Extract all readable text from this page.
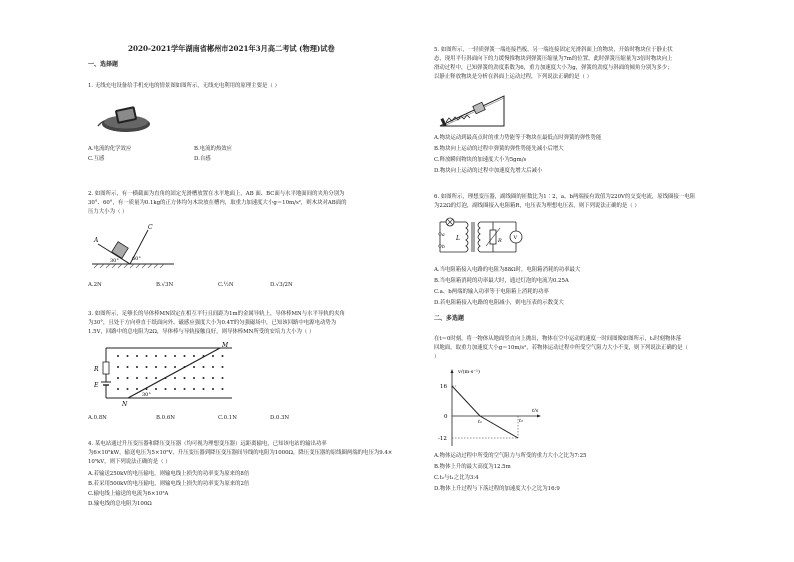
2020-2021学年湖南省郴州市2021年3月高二考试 (物理)试卷
一、选择题
1. 无线充电设备给手机充电的情景图如图所示，无线充电利用的原理主要是（ ）
A.电流的化学效应	B.电流的热效应
C.互感	D.自感
2. 如图所示，有一横截面为直角的固定光滑槽放置在水平地面上，AB 面、BC面与水平地面间的夹角分别为
30°、60°，有一质量为0.1kg的正方体均匀木块放在槽内，取重力加速度大小g＝10m/s²，则木块对AB面的
压力大小为（ ）
A
C
30°	60°
A.2N	B.√3N	C.½N	D.√3/2N
3. 如图所示，足够长的导体棒MN固定在相互平行且间距为1m的金属导轨上，导体棒MN与水平导轨的夹角
为30°，且处于方向垂直于纸面向外、磁感应强度大小为0.4T的匀强磁场中，已知该回路中电源电动势为
1.5V，回路中的总电阻为2Ω，导体棒与导轨接触良好，则导体棒MN所受的安培力大小为（ ）
R
E
M
N
30°
A.0.8N	B.0.6N	C.0.1N	D.0.3N
4. 某电站通过升压变压器和降压变压器（均可视为理想变压器）远距离输电，已知该电站的输出功率
为6×10⁵kW，输送电压为5×10⁵V，升压变压器到降压变压器间导线的电阻为1000Ω，降压变压器的原线圈两端的电压为9.4×
10⁵kV，则下列说法正确的是（ ）
A.若输送250kV的电压输电，则输电线上损失的功率变为原来的8倍
B.若采用500kV的电压输电，则输电线上损失的功率变为原来的2倍
C.输电线上输送的电流为6×10³A
D.输电线的总电阻为100Ω
5. 如图所示，一轻质弹簧一端连接挡板，另一端连接固定光滑斜面上的物块，开始时物块位于静止状
态，现用平行斜面向下的力缓慢推物块到弹簧压缩量为7m的位置，此时弹簧压缩量为3倍时物块向上
滑动过程中，已知弹簧的劲度系数为6，重力加速度大小为g，弹簧的劲度与斜面的倾角分别为多少；
以静止释放物块是分析在斜面上运动过程，下列说法正确的是（ ）
A.物块运动到最高点时的重力势能等于物块在最低点时弹簧的弹性势能
B.物块向上运动的过程中弹簧的弹性势能先减小后增大
C.释放瞬间物块的加速度大小为5gm/s
D.物块向上运动的过程中加速度先增大后减小
6. 如图所示，理想变压器，副线圈的匝数比为1∶2，a、b两端接有效值为220V的交变电流，原线圈接一电阻
为22Ω的灯泡，副线圈接入电阻箱R，电压表为理想电压表，则下列说法正确的是（ ）
L
a
b
R V
A.当电阻箱接入电路的电阻为88Ω时，电阻箱消耗的功率最大
B.当电阻箱消耗的功率最大时，通过灯泡的电流为0.25A
C.a、b两端的输入功率等于电阻箱上消耗的功率
D.若电阻箱接入电路的电阻减小，则电压表的示数变大
二、多选题
在t＝0时刻，将一物体从地面竖直向上抛出，物体在空中运动的速度一时间图像如图所示，t₁时刻物体落
回地面，取重力加速度大小g＝10m/s²，若物体运动过程中所受空气阻力大小不变，则下列说法正确的是（
）
v/(m·s⁻¹)
t/s
16
0
-12
t₁	t₂
A.物体运动过程中所受的空气阻力与所受的重力大小之比为7:25
B.物体上升的最大高度为12.5m
C.t₂与t₁之比为3:4
D.物体上升过程与下落过程的加速度大小之比为16:9
